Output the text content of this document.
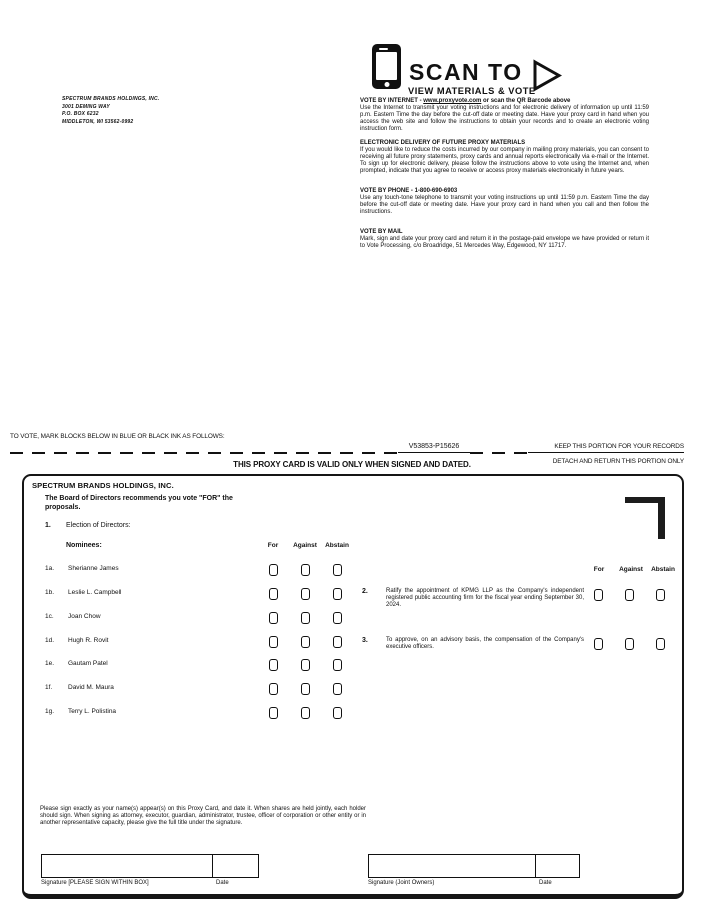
SPECTRUM BRANDS HOLDINGS, INC.
3001 DEMING WAY
P.O. BOX 6232
MIDDLETON, WI 53562-0992
SCAN TO
VIEW MATERIALS & VOTE
VOTE BY INTERNET - www.proxyvote.com or scan the QR Barcode above
Use the Internet to transmit your voting instructions and for electronic delivery of information up until 11:59 p.m. Eastern Time the day before the cut-off date or meeting date. Have your proxy card in hand when you access the web site and follow the instructions to obtain your records and to create an electronic voting instruction form.
ELECTRONIC DELIVERY OF FUTURE PROXY MATERIALS
If you would like to reduce the costs incurred by our company in mailing proxy materials, you can consent to receiving all future proxy statements, proxy cards and annual reports electronically via e-mail or the Internet. To sign up for electronic delivery, please follow the instructions above to vote using the Internet and, when prompted, indicate that you agree to receive or access proxy materials electronically in future years.
VOTE BY PHONE - 1-800-690-6903
Use any touch-tone telephone to transmit your voting instructions up until 11:59 p.m. Eastern Time the day before the cut-off date or meeting date. Have your proxy card in hand when you call and then follow the instructions.
VOTE BY MAIL
Mark, sign and date your proxy card and return it in the postage-paid envelope we have provided or return it to Vote Processing, c/o Broadridge, 51 Mercedes Way, Edgewood, NY 11717.
TO VOTE, MARK BLOCKS BELOW IN BLUE OR BLACK INK AS FOLLOWS:
V53853-P15626	KEEP THIS PORTION FOR YOUR RECORDS
THIS PROXY CARD IS VALID ONLY WHEN SIGNED AND DATED.	DETACH AND RETURN THIS PORTION ONLY
SPECTRUM BRANDS HOLDINGS, INC.
The Board of Directors recommends you vote "FOR" the proposals.
1. Election of Directors:
Nominees:	For	Against	Abstain
For	Against	Abstain
1a. Sherianne James
1b. Leslie L. Campbell
1c. Joan Chow
1d. Hugh R. Rovit
1e. Gautam Patel
1f. David M. Maura
1g. Terry L. Polistina
2.	Ratify the appointment of KPMG LLP as the Company's independent registered public accounting firm for the fiscal year ending September 30, 2024.
3.	To approve, on an advisory basis, the compensation of the Company's executive officers.
Please sign exactly as your name(s) appear(s) on this Proxy Card, and date it. When shares are held jointly, each holder should sign. When signing as attorney, executor, guardian, administrator, trustee, officer of corporation or other entity or in another representative capacity, please give the full title under the signature.
Signature [PLEASE SIGN WITHIN BOX]	Date	Signature (Joint Owners)	Date
